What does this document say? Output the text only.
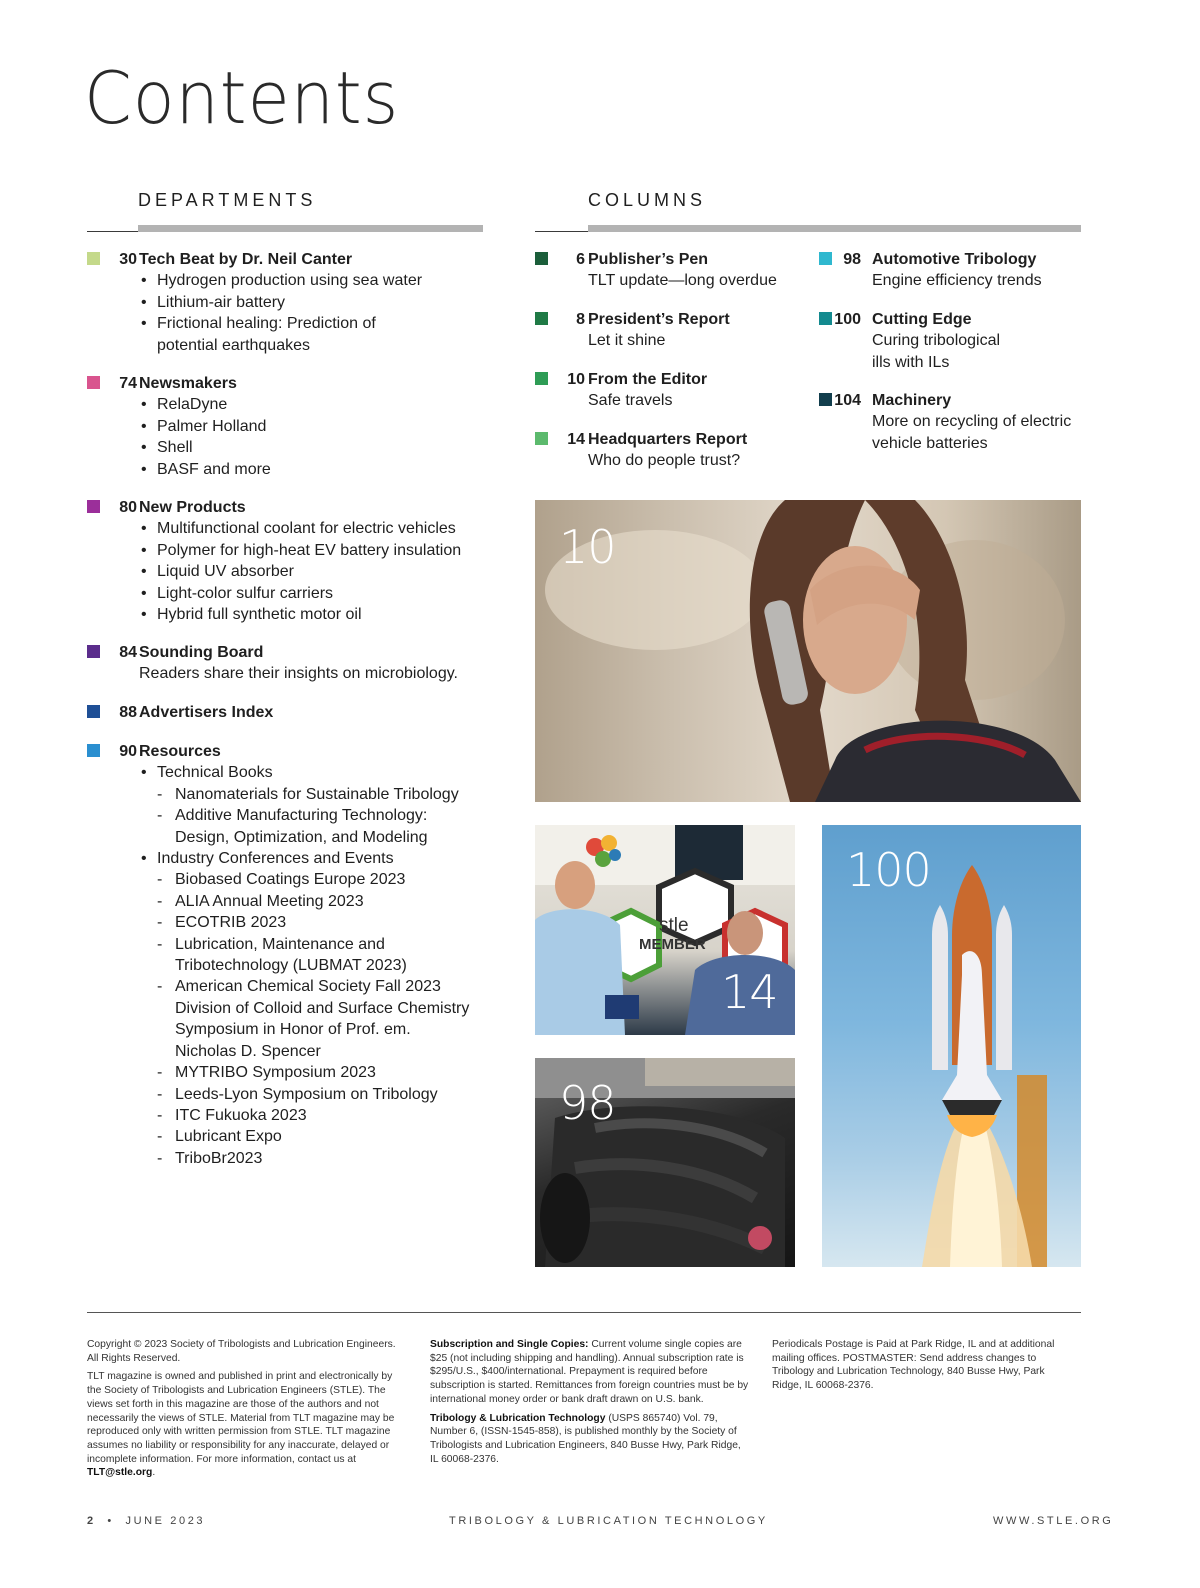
Contents
DEPARTMENTS	COLUMNS
30 Tech Beat by Dr. Neil Canter
• Hydrogen production using sea water
• Lithium-air battery
• Frictional healing: Prediction of
potential earthquakes
74 Newsmakers
• RelaDyne
• Palmer Holland
• Shell
• BASF and more
80 New Products
• Multifunctional coolant for electric vehicles
• Polymer for high-heat EV battery insulation
• Liquid UV absorber
• Light-color sulfur carriers
• Hybrid full synthetic motor oil
84 Sounding Board
Readers share their insights on microbiology.
88 Advertisers Index
90 Resources
• Technical Books
- Nanomaterials for Sustainable Tribology
- Additive Manufacturing Technology:
Design, Optimization, and Modeling
• Industry Conferences and Events
- Biobased Coatings Europe 2023
- ALIA Annual Meeting 2023
- ECOTRIB 2023
- Lubrication, Maintenance and
Tribotechnology (LUBMAT 2023)
- American Chemical Society Fall 2023
Division of Colloid and Surface Chemistry
Symposium in Honor of Prof. em.
Nicholas D. Spencer
- MYTRIBO Symposium 2023
- Leeds-Lyon Symposium on Tribology
- ITC Fukuoka 2023
- Lubricant Expo
- TriboBr2023
6 Publisher’s Pen
TLT update—long overdue
8 President’s Report
Let it shine
10 From the Editor
Safe travels
14 Headquarters Report
Who do people trust?
98 Automotive Tribology
Engine efficiency trends
100 Cutting Edge
Curing tribological
ills with ILs
104 Machinery
More on recycling of electric
vehicle batteries
10
stle
MEMBER
14
98
100

Copyright © 2023 Society of Tribologists and Lubrication Engineers. All Rights Reserved.

TLT magazine is owned and published in print and electronically by the Society of Tribologists and Lubrication Engineers (STLE). The views set forth in this magazine are those of the authors and not necessarily the views of STLE. Material from TLT magazine may be reproduced only with written permission from STLE. TLT magazine assumes no liability or responsibility for any inaccurate, delayed or incomplete information. For more information, contact us at TLT@stle.org.

Subscription and Single Copies: Current volume single copies are $25 (not including shipping and handling). Annual subscription rate is $295/U.S., $400/international. Prepayment is required before subscription is started. Remittances from foreign countries must be by international money order or bank draft drawn on U.S. bank.

Tribology & Lubrication Technology (USPS 865740) Vol. 79, Number 6, (ISSN-1545-858), is published monthly by the Society of Tribologists and Lubrication Engineers, 840 Busse Hwy, Park Ridge, IL 60068-2376.

Periodicals Postage is Paid at Park Ridge, IL and at additional mailing offices. POSTMASTER: Send address changes to Tribology and Lubrication Technology, 840 Busse Hwy, Park Ridge, IL 60068-2376.

2 • JUNE 2023	TRIBOLOGY & LUBRICATION TECHNOLOGY	WWW.STLE.ORG
